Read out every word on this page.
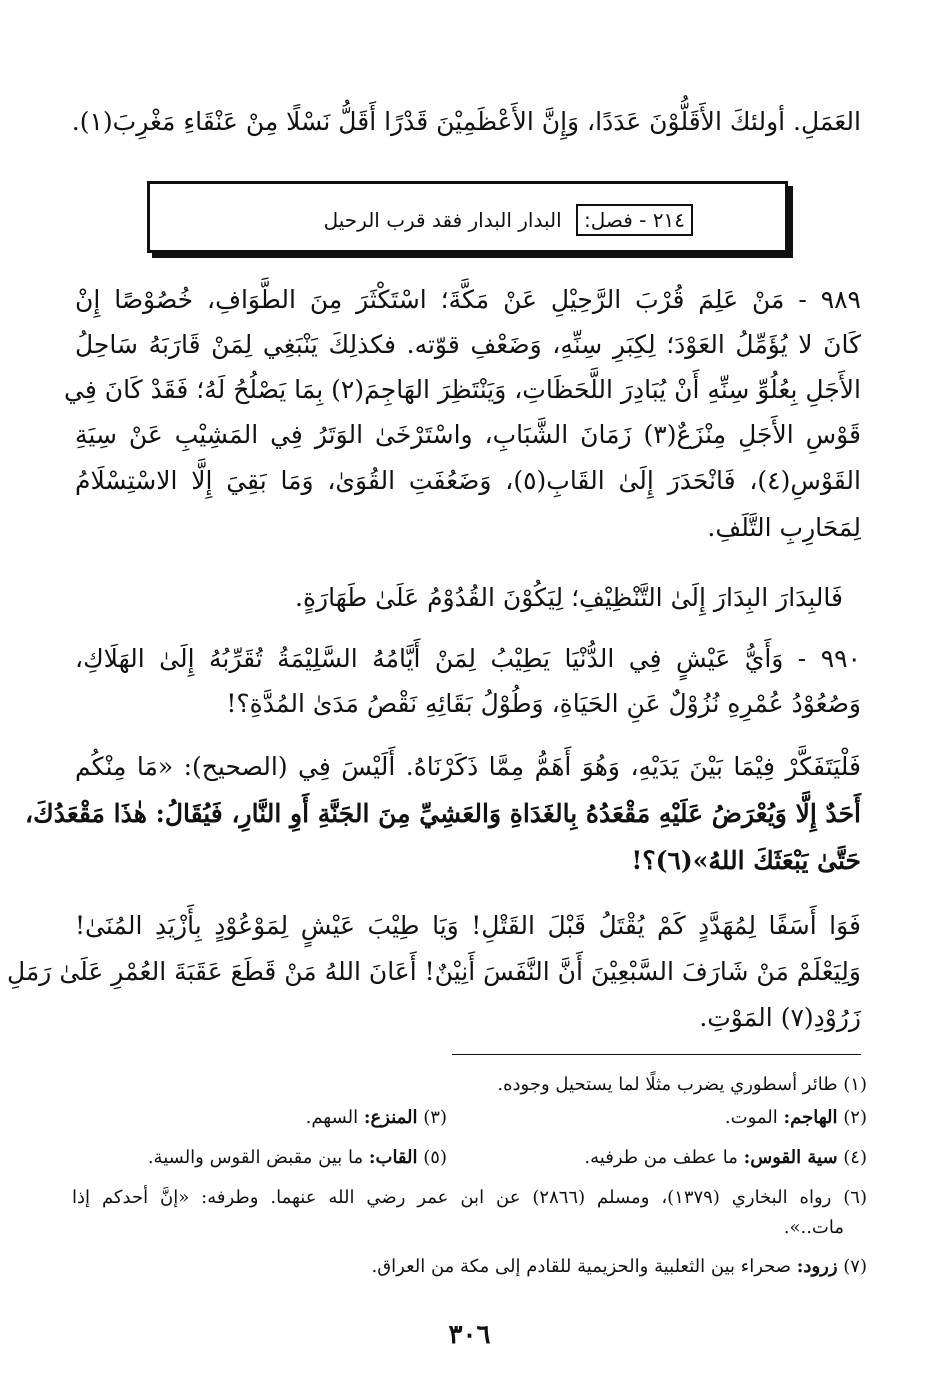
العَمَلِ. أولئكَ الأَقَلُّوْنَ عَدَدًا، وَإِنَّ الأَعْظَمِيْنَ قَدْرًا أَقَلُّ نَسْلًا مِنْ عَنْقَاءِ مَغْرِبَ(١).
٢١٤ - فصل: البدار البدار فقد قرب الرحيل
٩٨٩ - مَنْ عَلِمَ قُرْبَ الرَّحِيْلِ عَنْ مَكَّةَ؛ اسْتَكْثَرَ مِنَ الطَّوَافِ، خُصُوْصًا إِنْ
كَانَ لا يُؤَمِّلُ العَوْدَ؛ لِكِبَرِ سِنِّهِ، وَضَعْفِ قوّته. فكذلِكَ يَنْبَغِي لِمَنْ قَارَبَهُ سَاحِلُ
الأَجَلِ بِعُلُوِّ سِنِّهِ أَنْ يُبَادِرَ اللَّحَظَاتِ، وَيَنْتَظِرَ الهَاجِمَ(٢) بِمَا يَصْلُحُ لَهُ؛ فَقَدْ كَانَ فِي
قَوْسِ الأَجَلِ مِنْزَعٌ(٣) زَمَانَ الشَّبَابِ، واسْتَرْخَىٰ الوَتَرُ فِي المَشِيْبِ عَنْ سِيَةِ
القَوْسِ(٤)، فَانْحَدَرَ إِلَىٰ القَابِ(٥)، وَضَعُفَتِ القُوَىٰ، وَمَا بَقِيَ إِلَّا الاسْتِسْلَامُ
لِمَحَارِبِ التَّلَفِ.
فَالبِدَارَ البِدَارَ إِلَىٰ التَّنْظِيْفِ؛ لِيَكُوْنَ القُدُوْمُ عَلَىٰ طَهَارَةٍ.
٩٩٠ - وَأَيُّ عَيْشٍ فِي الدُّنْيَا يَطِيْبُ لِمَنْ أَيَّامُهُ السَّلِيْمَةُ تُقَرِّبُهُ إِلَىٰ الهَلَاكِ،
وَصُعُوْدُ عُمْرِهِ نُزُوْلٌ عَنِ الحَيَاةِ، وَطُوْلُ بَقَائِهِ نَقْصُ مَدَىٰ المُدَّةِ؟!
فَلْيَتَفَكَّرْ فِيْمَا بَيْنَ يَدَيْهِ، وَهُوَ أَهَمُّ مِمَّا ذَكَرْنَاهُ. أَلَيْسَ فِي (الصحيح): «مَا مِنْكُم
أَحَدٌ إِلَّا وَيُعْرَضُ عَلَيْهِ مَقْعَدُهُ بِالغَدَاةِ وَالعَشِيِّ مِنَ الجَنَّةِ أَوِ النَّارِ، فَيُقَالُ: هٰذَا مَقْعَدُكَ،
حَتَّىٰ يَبْعَثَكَ اللهُ»(٦)؟!
فَوَا أَسَفًا لِمُهَدَّدٍ كَمْ يُقْتَلُ قَبْلَ القَتْلِ! وَيَا طِيْبَ عَيْشٍ لِمَوْعُوْدٍ بِأَزْيَدِ المُنَىٰ!
وَلِيَعْلَمْ مَنْ شَارَفَ السَّبْعِيْنَ أَنَّ النَّفَسَ أَنِيْنٌ! أَعَانَ اللهُ مَنْ قَطَعَ عَقَبَةَ العُمْرِ عَلَىٰ رَمَلِ
زَرُوْدِ(٧) المَوْتِ.
(١) طائر أسطوري يضرب مثلًا لما يستحيل وجوده.
(٢) الهاجم: الموت.
(٣) المنزع: السهم.
(٤) سية القوس: ما عطف من طرفيه.
(٥) القاب: ما بين مقبض القوس والسية.
(٦) رواه البخاري (١٣٧٩)، ومسلم (٢٨٦٦) عن ابن عمر رضي الله عنهما. وطرفه: «إنَّ أحدكم إذا
مات..».
(٧) زرود: صحراء بين الثعلبية والحزيمية للقادم إلى مكة من العراق.
٣٠٦
